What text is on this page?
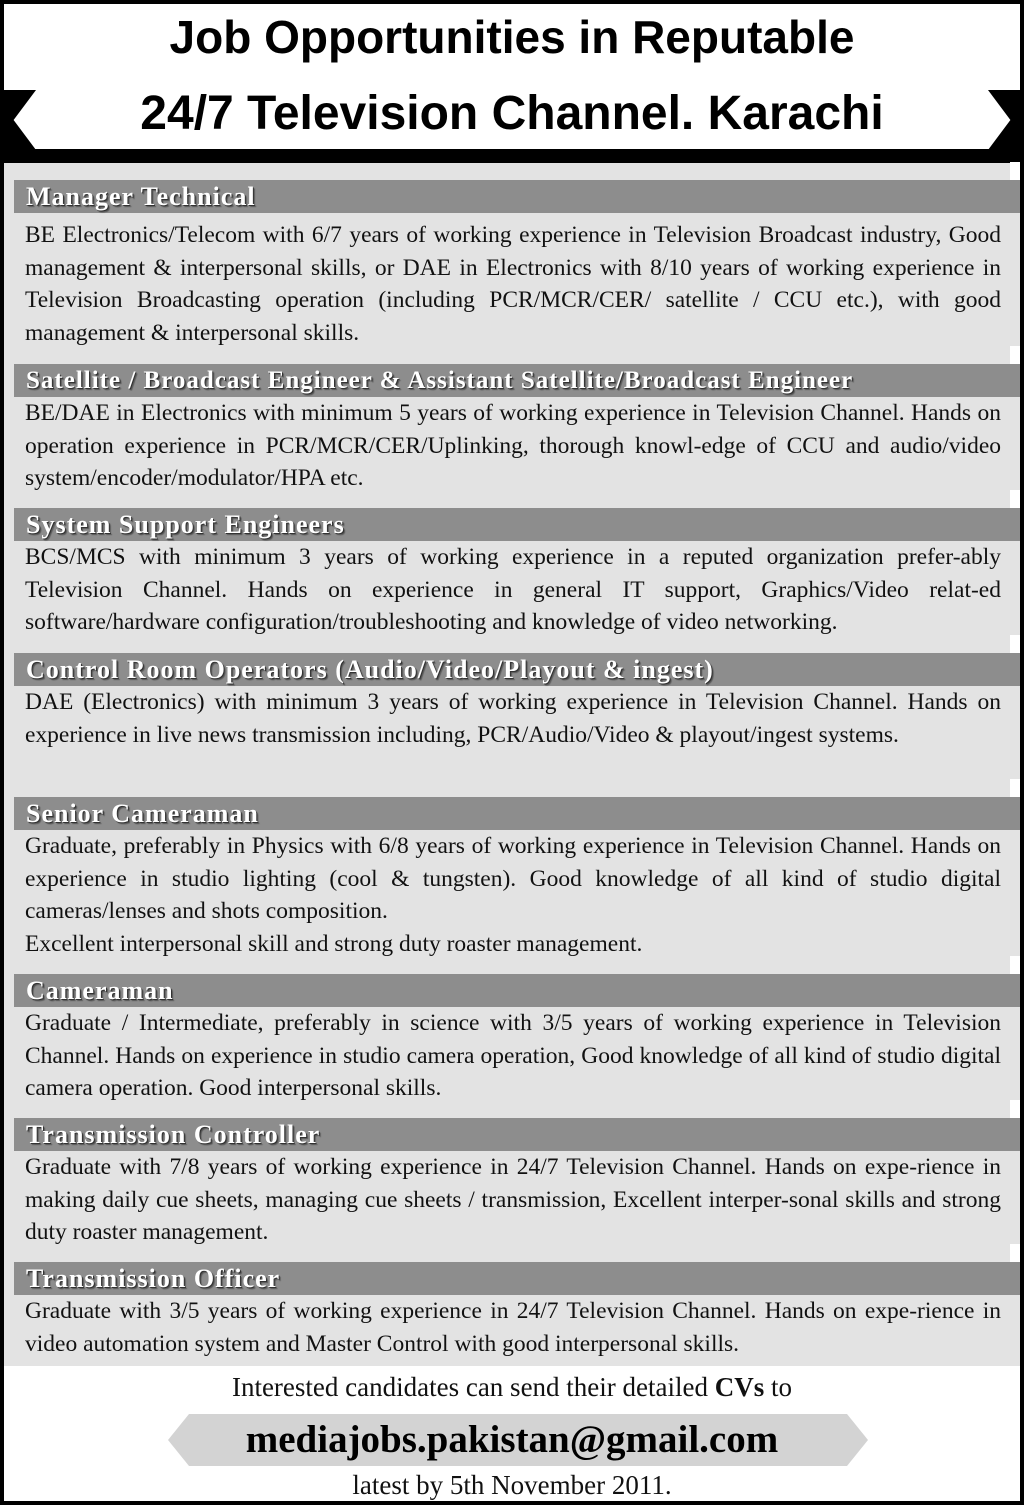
Job Opportunities in Reputable
24/7 Television Channel. Karachi
Manager Technical
BE Electronics/Telecom with 6/7 years of working experience in Television Broadcast industry, Good management & interpersonal skills, or DAE in Electronics with 8/10 years of working experience in Television Broadcasting operation (including PCR/MCR/CER/ satellite / CCU etc.), with good management & interpersonal skills.
Satellite / Broadcast Engineer & Assistant Satellite/Broadcast Engineer
BE/DAE in Electronics with minimum 5 years of working experience in Television Channel. Hands on operation experience in PCR/MCR/CER/Uplinking, thorough knowl-edge of CCU and audio/video system/encoder/modulator/HPA etc.
System Support Engineers
BCS/MCS with minimum 3 years of working experience in a reputed organization prefer-ably Television Channel. Hands on experience in general IT support, Graphics/Video relat-ed software/hardware configuration/troubleshooting and knowledge of video networking.
Control Room Operators (Audio/Video/Playout & ingest)
DAE (Electronics) with minimum 3 years of working experience in Television Channel. Hands on experience in live news transmission including, PCR/Audio/Video & playout/ingest systems.
Senior Cameraman
Graduate, preferably in Physics with 6/8 years of working experience in Television Channel. Hands on experience in studio lighting (cool & tungsten). Good knowledge of all kind of studio digital cameras/lenses and shots composition.
Excellent interpersonal skill and strong duty roaster management.
Cameraman
Graduate / Intermediate, preferably in science with 3/5 years of working experience in Television Channel. Hands on experience in studio camera operation, Good knowledge of all kind of studio digital camera operation. Good interpersonal skills.
Transmission Controller
Graduate with 7/8 years of working experience in 24/7 Television Channel. Hands on expe-rience in making daily cue sheets, managing cue sheets / transmission, Excellent interper-sonal skills and strong duty roaster management.
Transmission Officer
Graduate with 3/5 years of working experience in 24/7 Television Channel. Hands on expe-rience in video automation system and Master Control with good interpersonal skills.
Interested candidates can send their detailed CVs to
mediajobs.pakistan@gmail.com
latest by 5th November 2011.
